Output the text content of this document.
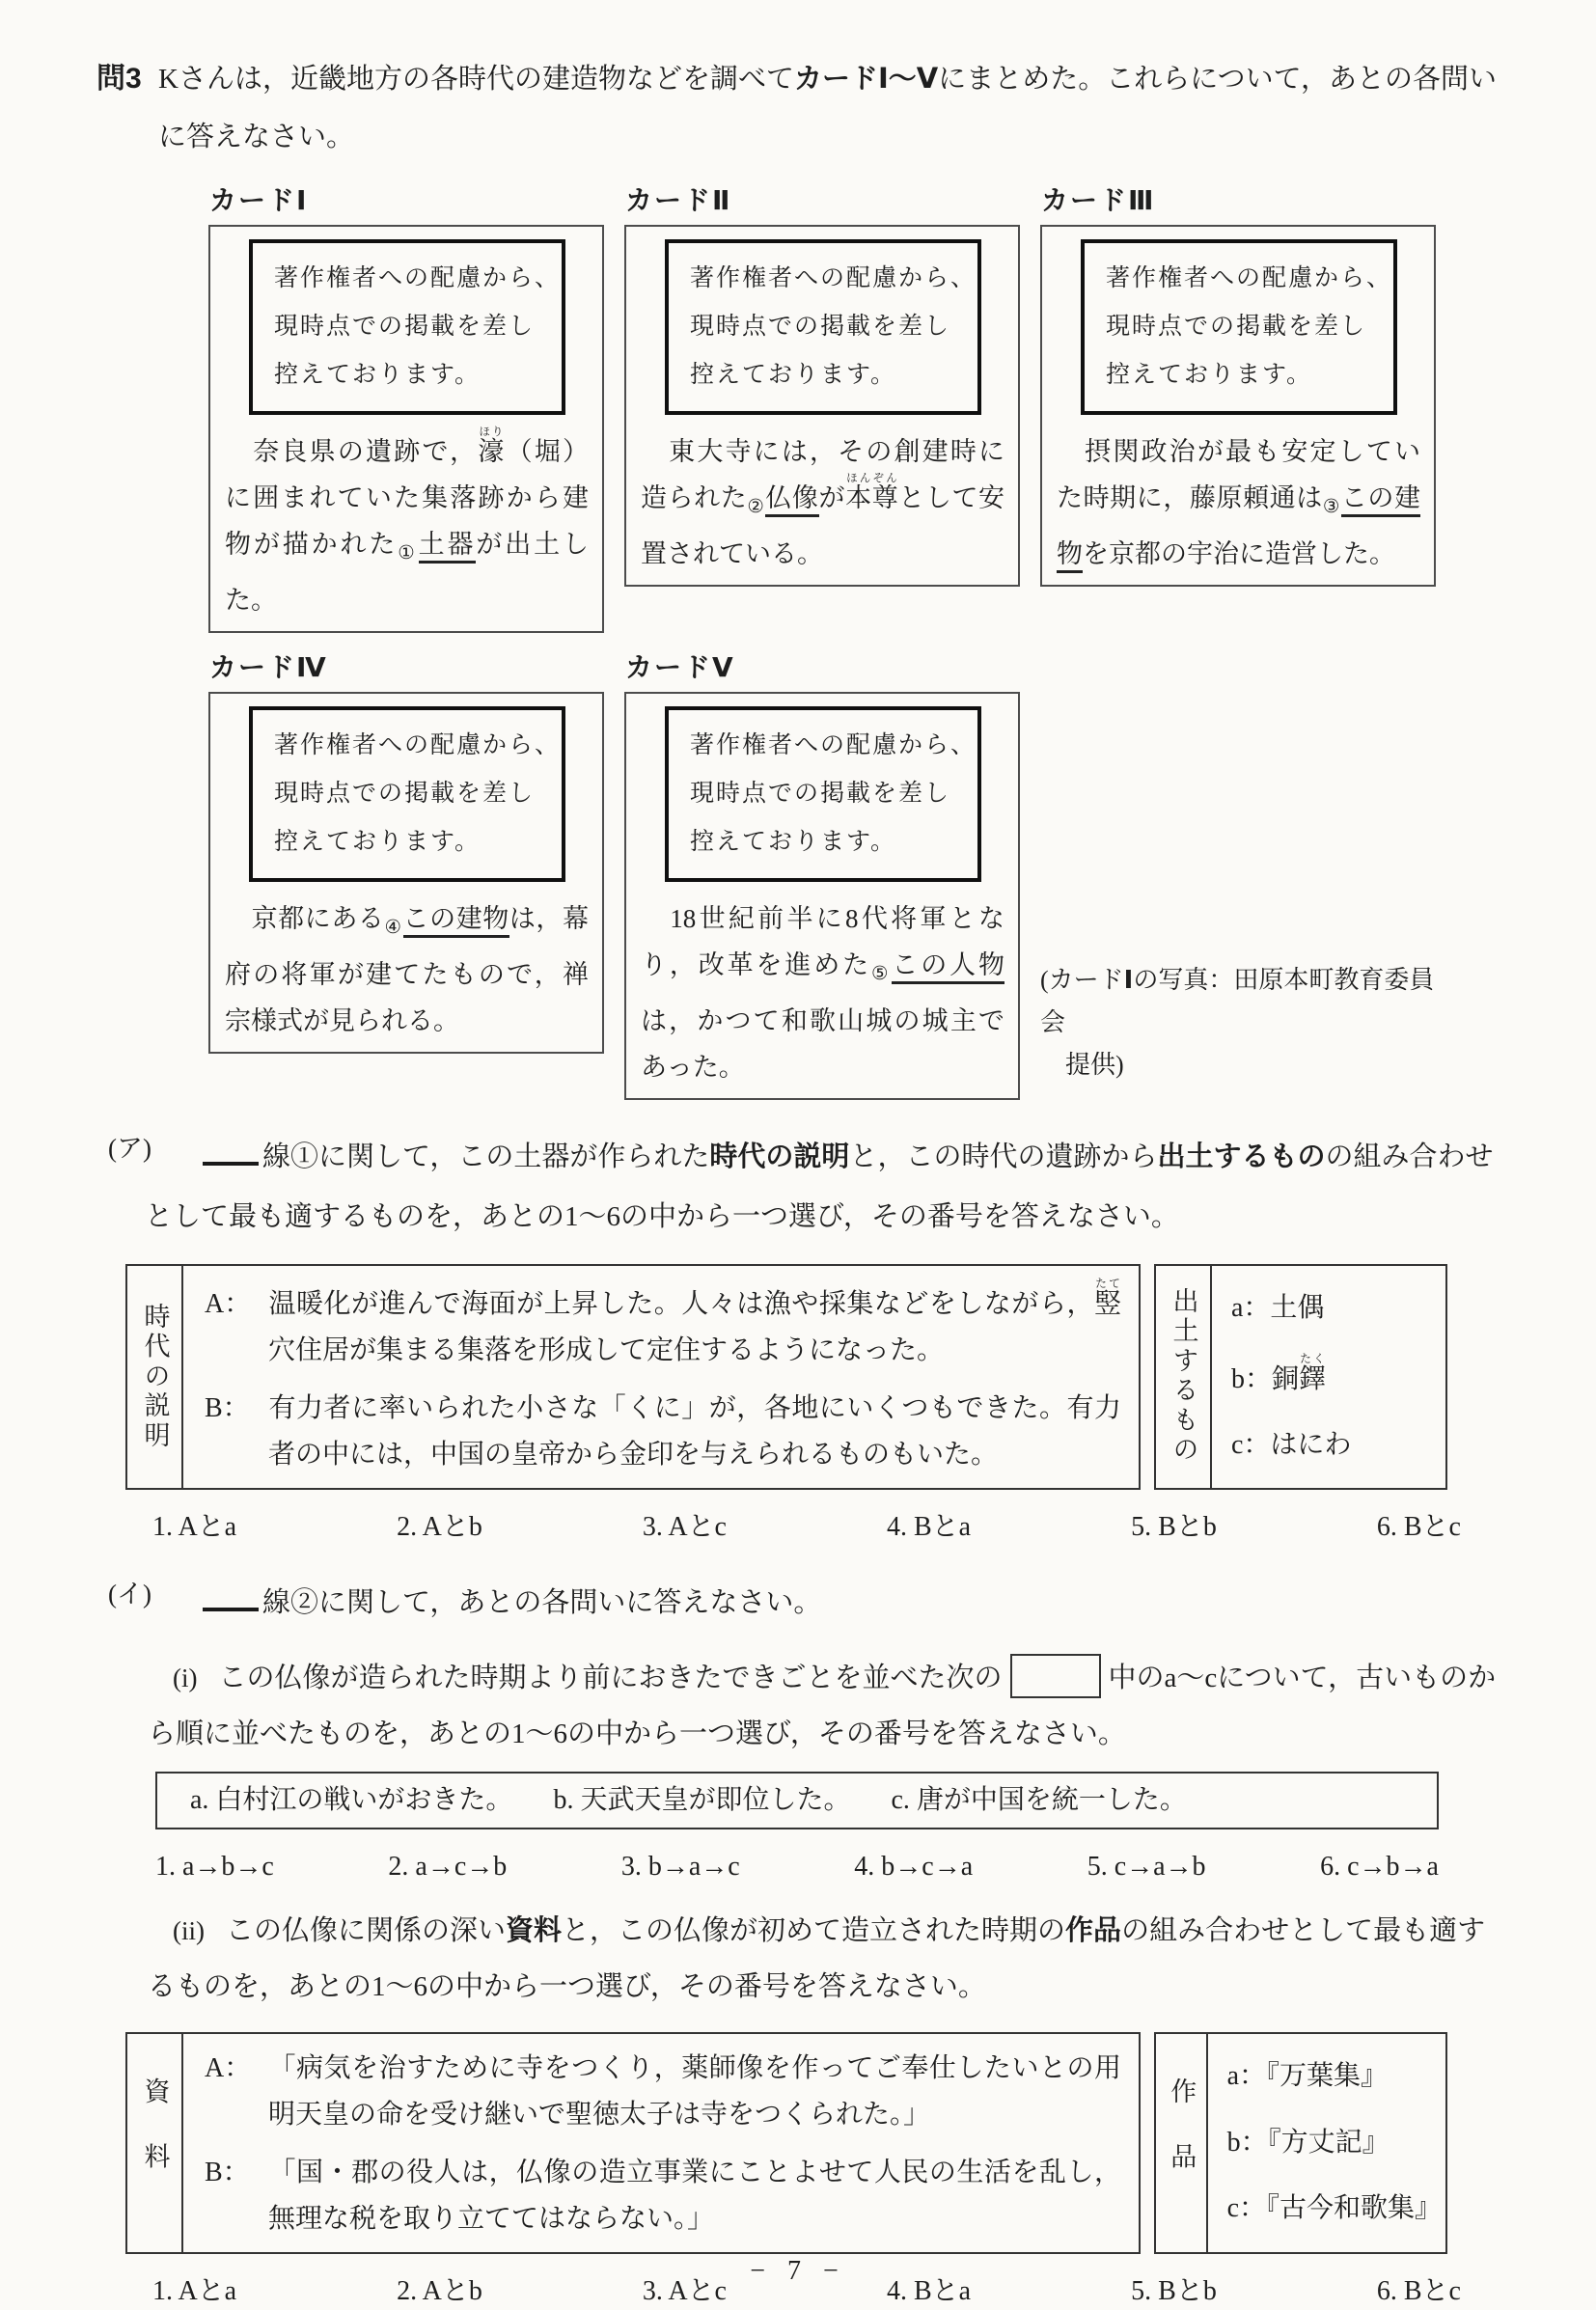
問3 Kさんは，近畿地方の各時代の建造物などを調べてカードⅠ～Ⅴにまとめた。これらについて，あとの各問いに答えなさい。
カードⅠ
著作権者への配慮から、
現時点での掲載を差し
控えております。
　奈良県の遺跡で，濠ほり（堀）に囲まれていた集落跡から建物が描かれた$_①$土器が出土した。
カードⅡ
著作権者への配慮から、
現時点での掲載を差し
控えております。
　東大寺には，その創建時に造られた$_②$仏像が本尊ほんぞんとして安置されている。
カードⅢ
著作権者への配慮から、
現時点での掲載を差し
控えております。
　摂関政治が最も安定していた時期に，藤原頼通は$_③$この建物を京都の宇治に造営した。
カードⅣ
著作権者への配慮から、
現時点での掲載を差し
控えております。
　京都にある$_④$この建物は，幕府の将軍が建てたもので，禅宗様式が見られる。
カードⅤ
著作権者への配慮から、
現時点での掲載を差し
控えております。
　18世紀前半に8代将軍となり，改革を進めた$_⑤$この人物は，かつて和歌山城の城主であった。
(カードⅠの写真：田原本町教育委員会
提供)
(ア)	線①に関して，この土器が作られた時代の説明と，この時代の遺跡から出土するものの組み合わせとして最も適するものを，あとの1～6の中から一つ選び，その番号を答えなさい。
時代の説明 A： 温暖化が進んで海面が上昇した。人々は漁や採集などをしながら，竪たて穴住居が集まる集落を形成して定住するようになった。
B： 有力者に率いられた小さな「くに」が，各地にいくつもできた。有力者の中には，中国の皇帝から金印を与えられるものもいた。	出土するもの a：土偶
b：銅鐸たく
c：はにわ
1. Aとa	2. Aとb	3. Aとc	4. Bとa	5. Bとb	6. Bとc
(イ)	線②に関して，あとの各問いに答えなさい。
(i) この仏像が造られた時期より前におきたできごとを並べた次の	中のa～cについて，古いものから順に並べたものを，あとの1～6の中から一つ選び，その番号を答えなさい。
a. 白村江の戦いがおきた。 b. 天武天皇が即位した。 c. 唐が中国を統一した。
1. a→b→c	2. a→c→b	3. b→a→c	4. b→c→a	5. c→a→b	6. c→b→a
(ii) この仏像に関係の深い資料と，この仏像が初めて造立された時期の作品の組み合わせとして最も適するものを，あとの1～6の中から一つ選び，その番号を答えなさい。
資料
A： 「病気を治すために寺をつくり，薬師像を作ってご奉仕したいとの用明天皇の命を受け継いで聖徳太子は寺をつくられた。」
B： 「国・郡の役人は，仏像の造立事業にことよせて人民の生活を乱し，無理な税を取り立ててはならない。」
作品
a：『万葉集』
b：『方丈記』
c：『古今和歌集』
1. Aとa	2. Aとb	3. Aとc	4. Bとa	5. Bとb	6. Bとc
− 7 −
